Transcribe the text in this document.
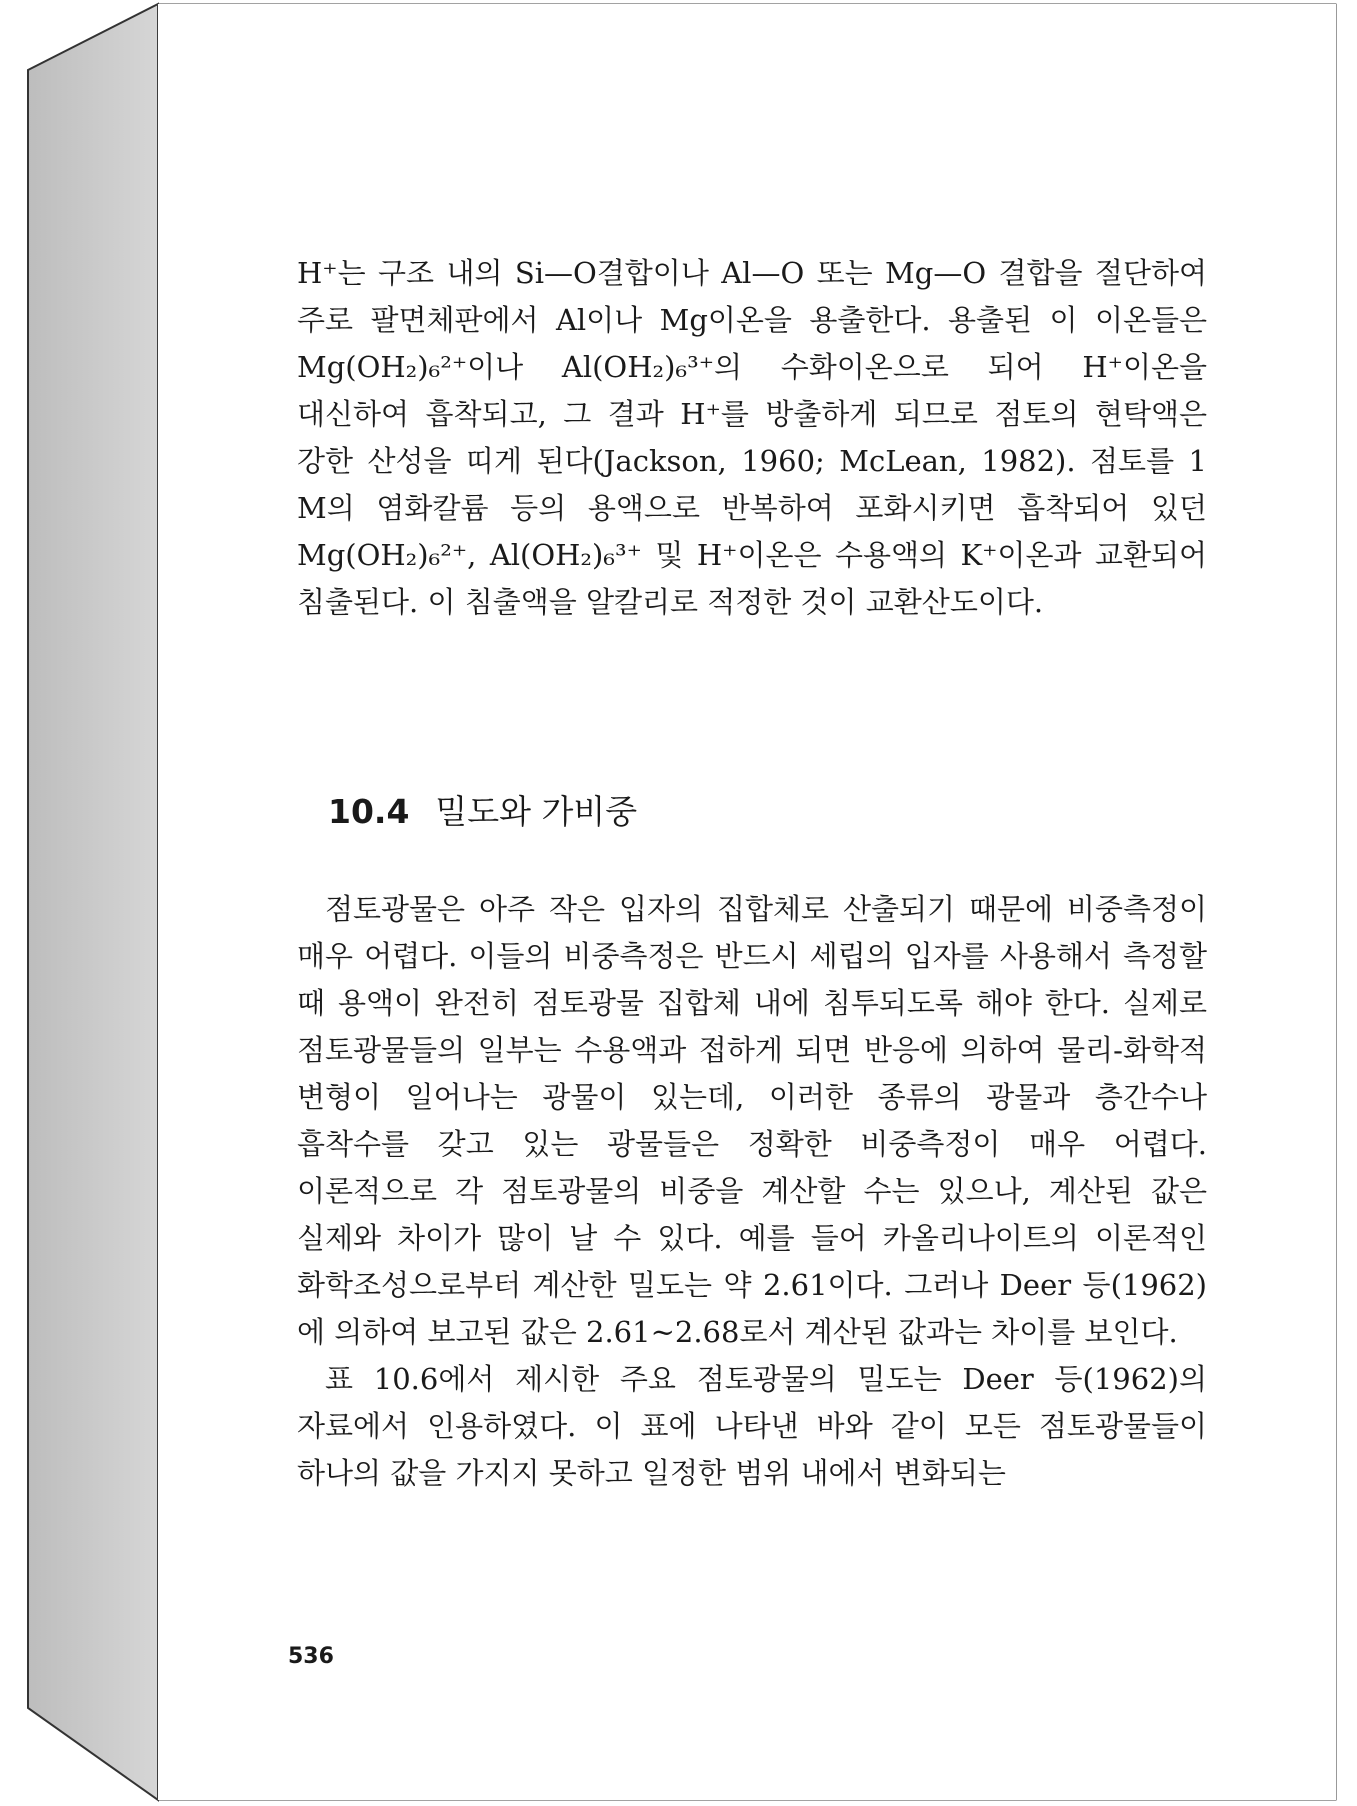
H⁺는 구조 내의 Si—O결합이나 Al—O 또는 Mg—O 결합을 절단하여 주로 팔면체판에서 Al이나 Mg이온을 용출한다. 용출된 이 이온들은 Mg(OH₂)₆²⁺이나 Al(OH₂)₆³⁺의 수화이온으로 되어 H⁺이온을 대신하여 흡착되고, 그 결과 H⁺를 방출하게 되므로 점토의 현탁액은 강한 산성을 띠게 된다(Jackson, 1960; McLean, 1982). 점토를 1 M의 염화칼륨 등의 용액으로 반복하여 포화시키면 흡착되어 있던 Mg(OH₂)₆²⁺, Al(OH₂)₆³⁺ 및 H⁺이온은 수용액의 K⁺이온과 교환되어 침출된다. 이 침출액을 알칼리로 적정한 것이 교환산도이다.

10.4 밀도와 가비중

점토광물은 아주 작은 입자의 집합체로 산출되기 때문에 비중측정이 매우 어렵다. 이들의 비중측정은 반드시 세립의 입자를 사용해서 측정할 때 용액이 완전히 점토광물 집합체 내에 침투되도록 해야 한다. 실제로 점토광물들의 일부는 수용액과 접하게 되면 반응에 의하여 물리-화학적 변형이 일어나는 광물이 있는데, 이러한 종류의 광물과 층간수나 흡착수를 갖고 있는 광물들은 정확한 비중측정이 매우 어렵다. 이론적으로 각 점토광물의 비중을 계산할 수는 있으나, 계산된 값은 실제와 차이가 많이 날 수 있다. 예를 들어 카올리나이트의 이론적인 화학조성으로부터 계산한 밀도는 약 2.61이다. 그러나 Deer 등(1962)에 의하여 보고된 값은 2.61~2.68로서 계산된 값과는 차이를 보인다.

표 10.6에서 제시한 주요 점토광물의 밀도는 Deer 등(1962)의 자료에서 인용하였다. 이 표에 나타낸 바와 같이 모든 점토광물들이 하나의 값을 가지지 못하고 일정한 범위 내에서 변화되는

536
